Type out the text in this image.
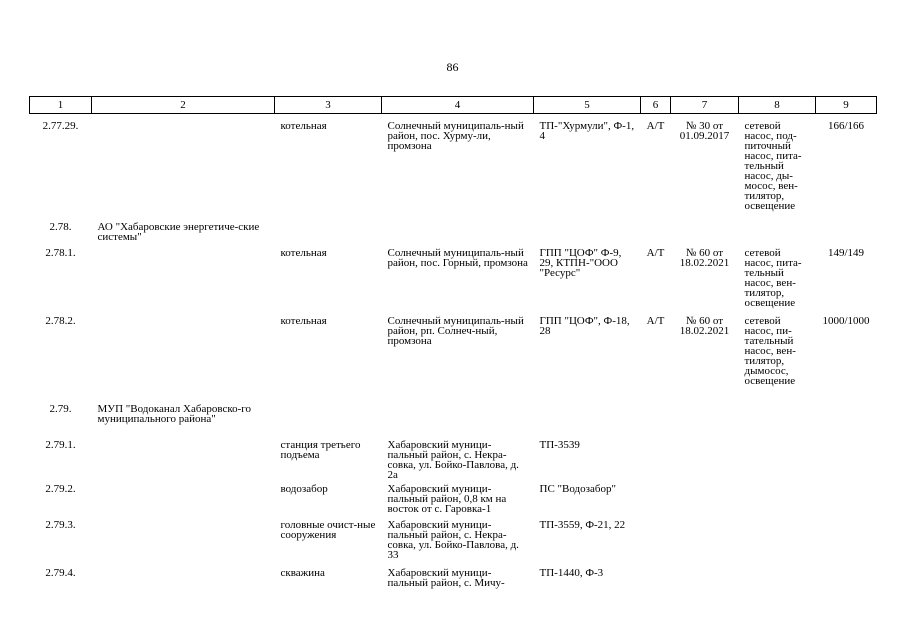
86
1	2	3	4	5	6	7	8	9

2.77.29.		котельная	Солнечный муниципаль-ный район, пос. Хурму-ли, промзона	ТП-"Хурмули", Ф-1, 4	А/Т	№ 30 от 01.09.2017	сетевой насос, под-питочный насос, пита-тельный насос, ды-мосос, вен-тилятор, освещение	166/166
2.78.	АО "Хабаровские энергетиче-ские системы"							
2.78.1.		котельная	Солнечный муниципаль-ный район, пос. Горный, промзона	ГПП "ЦОФ" Ф-9, 29, КТПН-"ООО "Ресурс"	А/Т	№ 60 от 18.02.2021	сетевой насос, пита-тельный насос, вен-тилятор, освещение	149/149
2.78.2.		котельная	Солнечный муниципаль-ный район, рп. Солнеч-ный, промзона	ГПП "ЦОФ", Ф-18, 28	А/Т	№ 60 от 18.02.2021	сетевой насос, пи-тательный насос, вен-тилятор, дымосос, освещение	1000/1000
2.79.	МУП "Водоканал Хабаровско-го муниципального района"							
2.79.1.		станция третьего подъема	Хабаровский муници-пальный район, с. Некра-совка, ул. Бойко-Павлова, д. 2а	ТП-3539				
2.79.2.		водозабор	Хабаровский муници-пальный район, 0,8 км на восток от с. Гаровка-1	ПС "Водозабор"				
2.79.3.		головные очист-ные сооружения	Хабаровский муници-пальный район, с. Некра-совка, ул. Бойко-Павлова, д. 33	ТП-3559, Ф-21, 22				
2.79.4.		скважина	Хабаровский муници-пальный район, с. Мичу-	ТП-1440, Ф-3				
